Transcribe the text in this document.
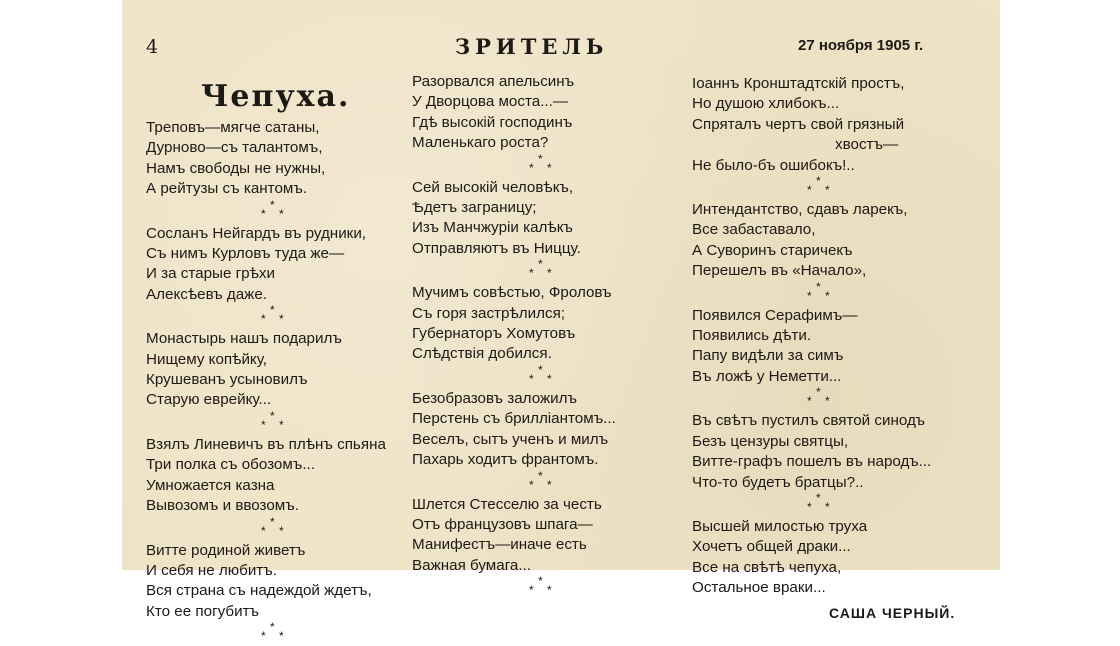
4	ЗРИТЕЛЬ	27 ноября 1905 г.
Чепуха.
Треповъ—мягче сатаны,
Дурново—съ талантомъ,
Намъ свободы не нужны,
А рейтузы съ кантомъ.
*
* *
Сосланъ Нейгардъ въ рудники,
Съ нимъ Курловъ туда же—
И за старые грѣхи
Алексѣевъ даже.
*
* *
Монастырь нашъ подарилъ
Нищему копѣйку,
Крушеванъ усыновилъ
Старую еврейку...
*
* *
Взялъ Линевичъ въ плѣнъ спьяна
Три полка съ обозомъ...
Умножается казна
Вывозомъ и ввозомъ.
*
* *
Витте родиной живетъ
И себя не любитъ.
Вся страна съ надеждой ждетъ,
Кто ее погубитъ
*
* *
Разорвался апельсинъ
У Дворцова моста...—
Гдѣ высокій господинъ
Маленькаго роста?
*
* *
Сей высокій человѣкъ,
Ѣдетъ заграницу;
Изъ Манчжуріи калѣкъ
Отправляютъ въ Ниццу.
*
* *
Мучимъ совѣстью, Фроловъ
Съ горя застрѣлился;
Губернаторъ Хомутовъ
Слѣдствія добился.
*
* *
Безобразовъ заложилъ
Перстень съ брилліантомъ...
Веселъ, сытъ ученъ и милъ
Пахарь ходитъ франтомъ.
*
* *
Шлется Стесселю за честь
Отъ французовъ шпага—
Манифестъ—иначе есть
Важная бумага...
*
* *
Іоаннъ Кронштадтскій простъ,
Но душою хлибокъ...
Спряталъ чертъ свой грязный
хвостъ—
Не было-бъ ошибокъ!..
*
* *
Интендантство, сдавъ ларекъ,
Все забаставало,
А Суворинъ старичекъ
Перешелъ въ «Начало»,
*
* *
Появился Серафимъ—
Появились дѣти.
Папу видѣли за симъ
Въ ложѣ у Неметти...
*
* *
Въ свѣтъ пустилъ святой синодъ
Безъ цензуры святцы,
Витте-графъ пошелъ въ народъ...
Что-то будетъ братцы?..
*
* *
Высшей милостью труха
Хочетъ общей драки...
Все на свѣтѣ чепуха,
Остальное враки...
САША ЧЕРНЫЙ.
